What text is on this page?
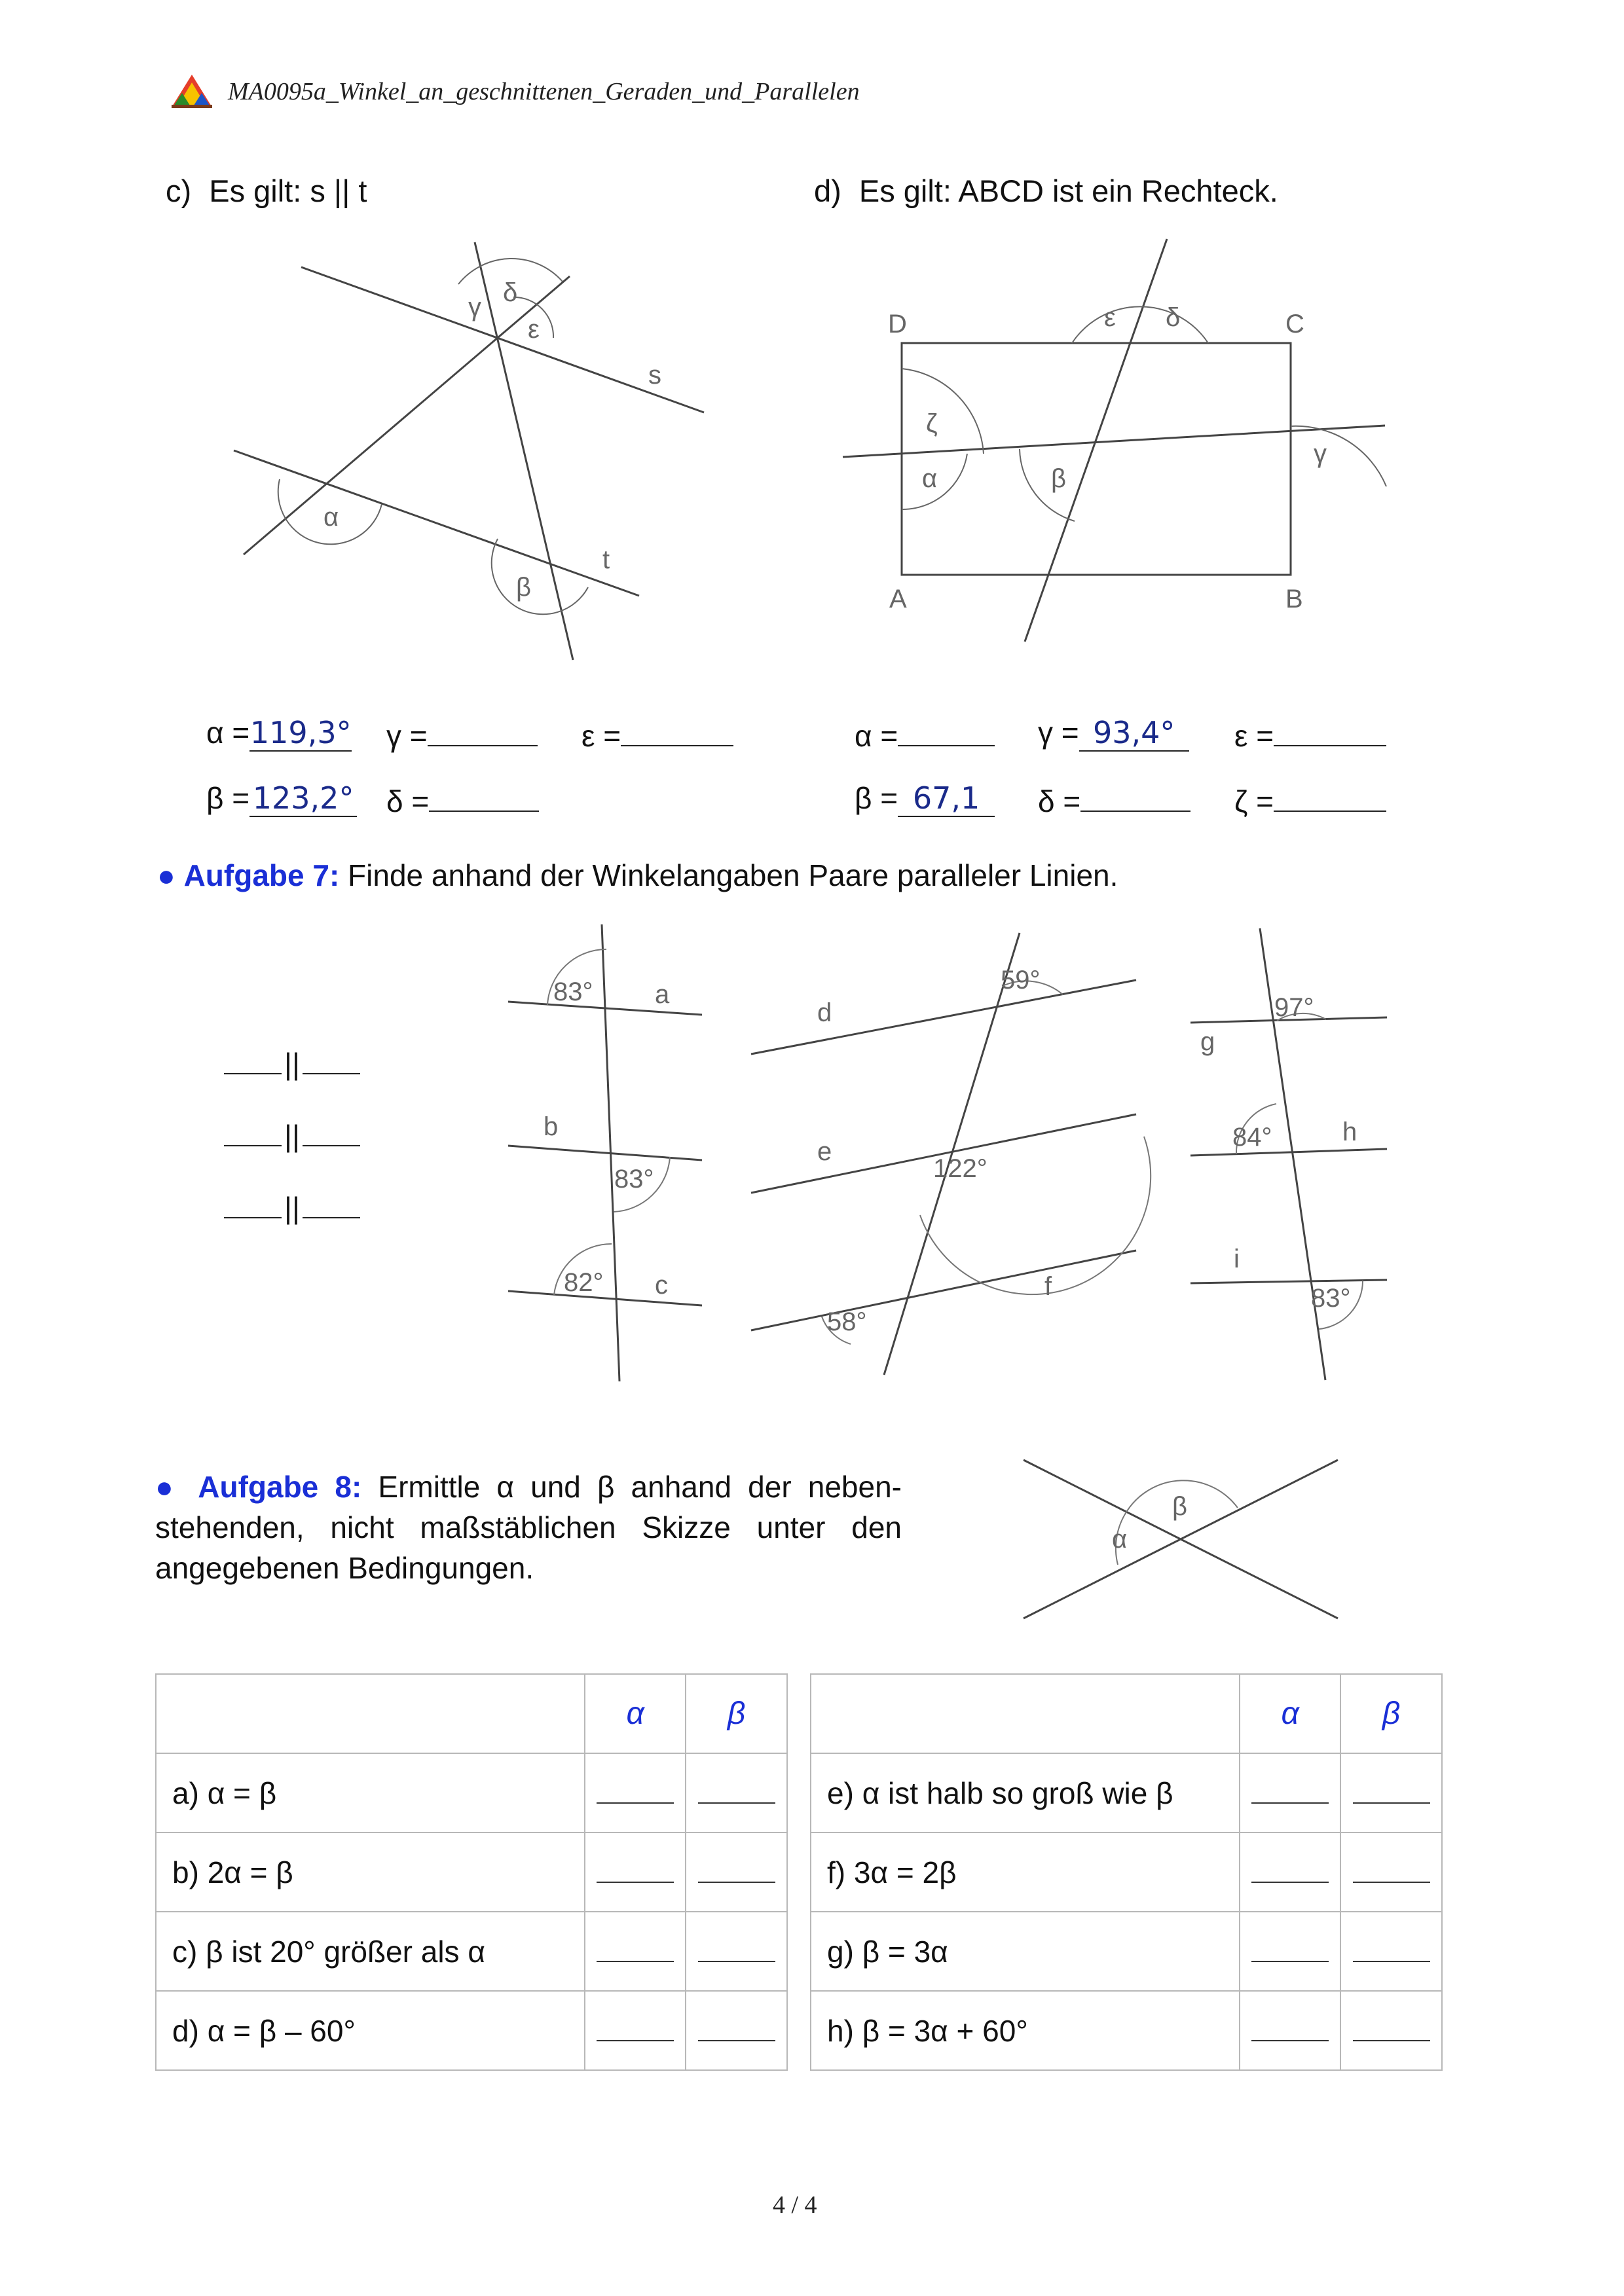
MA0095a_Winkel_an_geschnittenen_Geraden_und_Parallelen
c) Es gilt: s || t	d) Es gilt: ABCD ist ein Rechteck.
γ δ
ε
α
β
s
t
D	C
A	B
ε δ
ζ
α	β
γ
α =119,3° γ =	ε =
β = 123,2° δ =
α =	γ = 93,4°	ε =
β = 67,1	δ =	ζ =
● Aufgabe 7: Finde anhand der Winkelangaben Paare paralleler Linien.
||
||
||
83°
83°
82°
a
b
c
59°
122°
58°
d
e
f
97°
84°
83°
g
h
i
● Aufgabe 8: Ermittle α und β anhand der nebenstehenden, nicht maßstäblichen Skizze unter den angegebenen Bedingungen.
α
β
	α	β
a) α = β		
b) 2α = β		
c) β ist 20° größer als α		
d) α = β – 60°		
	α	β
e) α ist halb so groß wie β		
f) 3α = 2β		
g) β = 3α		
h) β = 3α + 60°		
4 / 4
